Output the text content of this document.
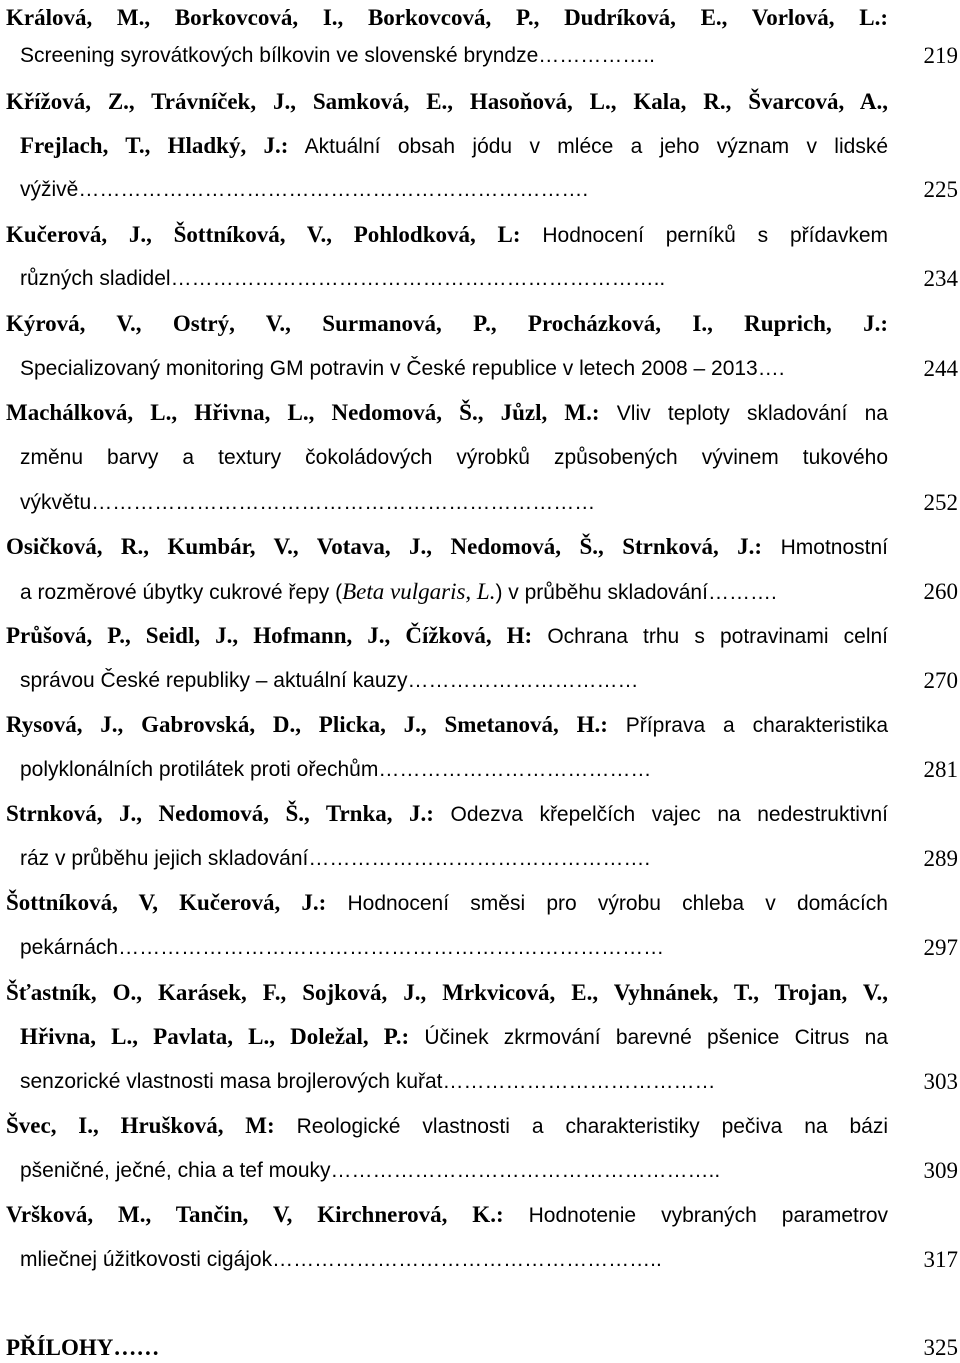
Králová, M., Borkovcová, I., Borkovcová, P., Dudríková, E., Vorlová, L.:
Screening syrovátkových bílkovin ve slovenské bryndze……………..	219
Křížová, Z., Trávníček, J., Samková, E., Hasoňová, L., Kala, R., Švarcová, A.,
Frejlach, T., Hladký, J.: Aktuální obsah jódu v mléce a jeho význam v lidské
výživě……………………………………………………………….	225
Kučerová, J., Šottníková, V., Pohlodková, L: Hodnocení perníků s přídavkem
různých sladidel……………………………………………………………..	234
Kýrová, V., Ostrý, V., Surmanová, P., Procházková, I., Ruprich, J.:
Specializovaný monitoring GM potravin v České republice v letech 2008 – 2013….	244
Machálková, L., Hřivna, L., Nedomová, Š., Jůzl, M.: Vliv teploty skladování na
změnu barvy a textury čokoládových výrobků způsobených vývinem tukového
výkvětu………………………………………………………………	252
Osičková, R., Kumbár, V., Votava, J., Nedomová, Š., Strnková, J.: Hmotnostní
a rozměrové úbytky cukrové řepy (Beta vulgaris, L.) v průběhu skladování……….	260
Průšová, P., Seidl, J., Hofmann, J., Čížková, H: Ochrana trhu s potravinami celní
správou České republiky – aktuální kauzy……………………………	270
Rysová, J., Gabrovská, D., Plicka, J., Smetanová, H.: Příprava a charakteristika
polyklonálních protilátek proti ořechům…………………………………	281
Strnková, J., Nedomová, Š., Trnka, J.: Odezva křepelčích vajec na nedestruktivní
ráz v průběhu jejich skladování………………………………………….	289
Šottníková, V, Kučerová, J.: Hodnocení směsi pro výrobu chleba v domácích
pekárnách……………………………………………………………………	297
Šťastník, O., Karásek, F., Sojková, J., Mrkvicová, E., Vyhnánek, T., Trojan, V.,
Hřivna, L., Pavlata, L., Doležal, P.: Účinek zkrmování barevné pšenice Citrus na
senzorické vlastnosti masa brojlerových kuřat…………………………………	303
Švec, I., Hrušková, M: Reologické vlastnosti a charakteristiky pečiva na bázi
pšeničné, ječné, chia a tef mouky………………………………………………..	309
Vršková, M., Tančin, V, Kirchnerová, K.: Hodnotenie vybraných parametrov
mliečnej úžitkovosti cigájok………………………………………………..	317
PŘÍLOHY……	325
